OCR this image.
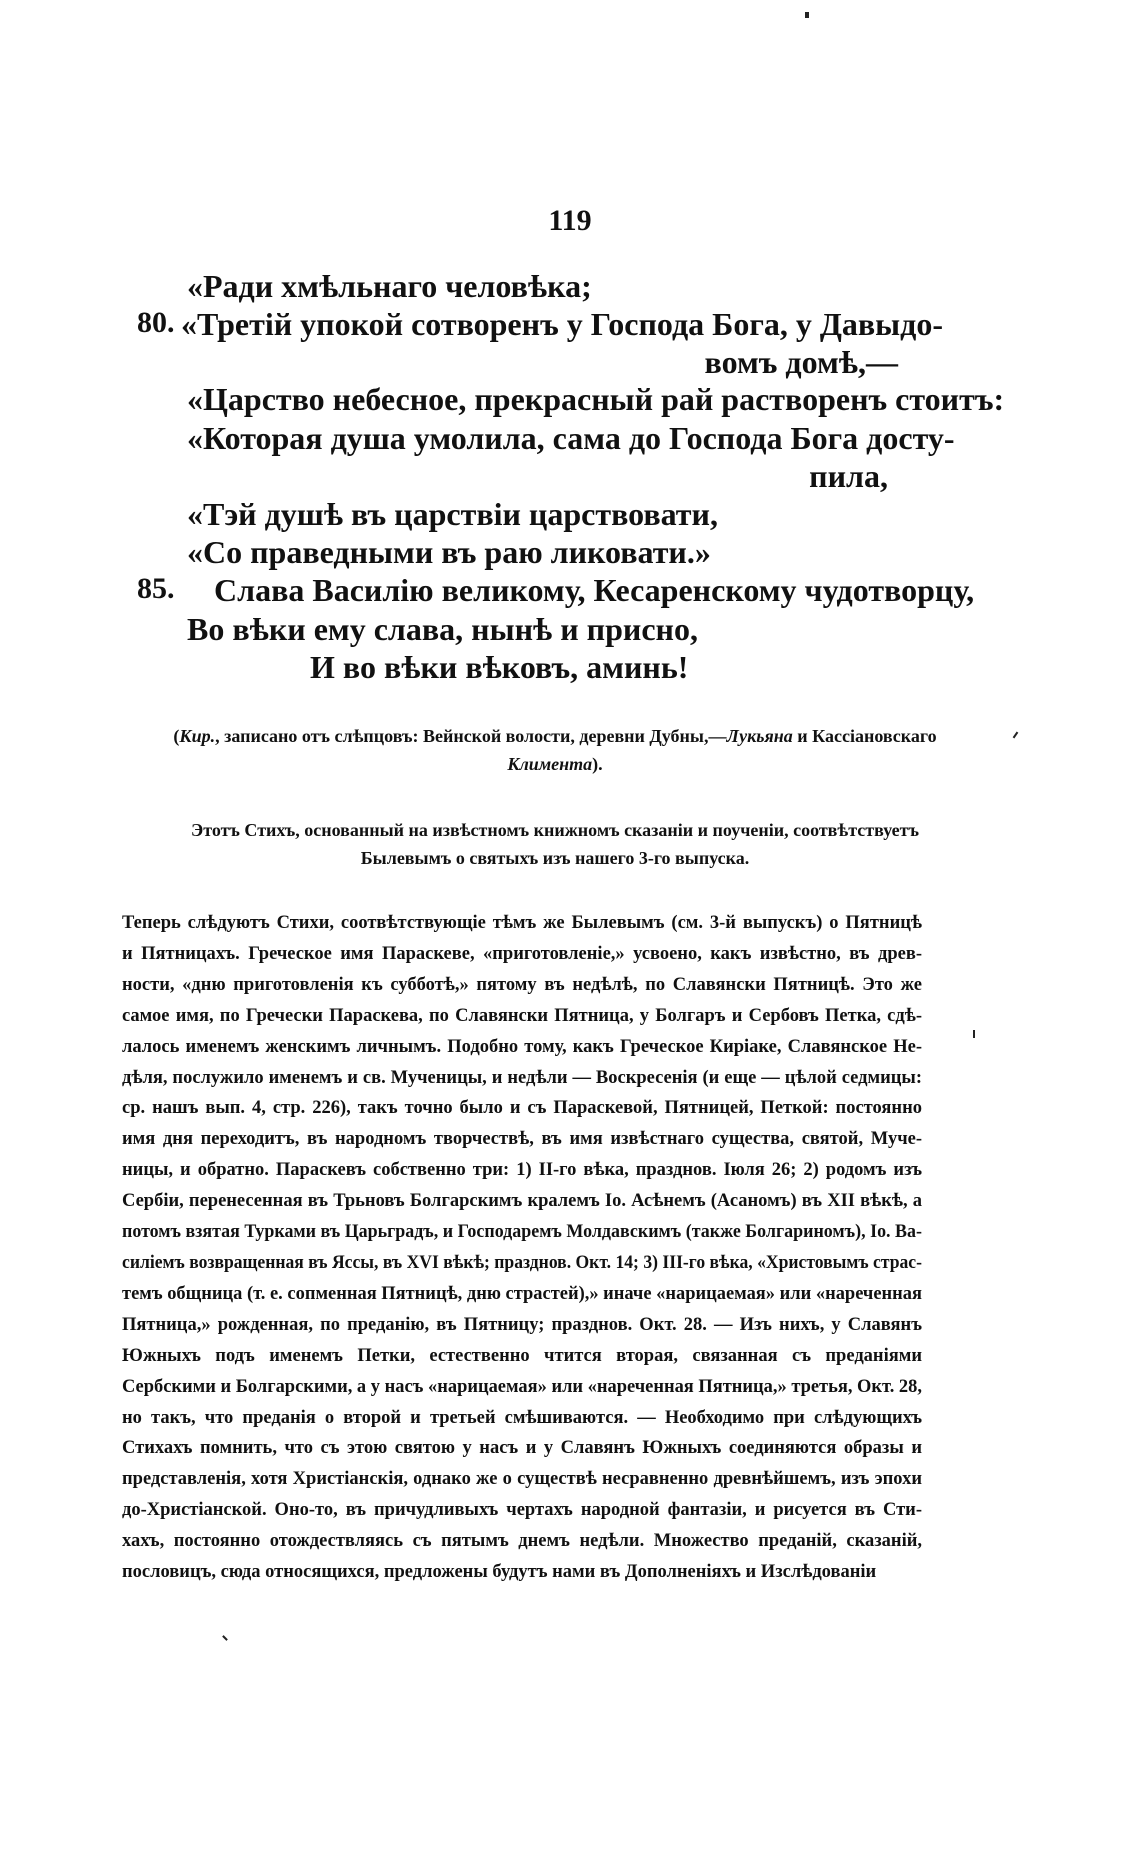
119
«Ради хмѣльнаго человѣка;
80. «Третій упокой сотворенъ у Господа Бога, у Давыдо-
вомъ домѣ,—
«Царство небесное, прекрасный рай растворенъ стоитъ:
«Которая душа умолила, сама до Господа Бога досту-
пила,
«Тэй душѣ въ царствіи царствовати,
«Со праведными въ раю ликовати.»
85. Слава Василію великому, Кесаренскому чудотворцу,
Во вѣки ему слава, нынѣ и присно,
И во вѣки вѣковъ, аминь!
(Кир., записано отъ слѣпцовъ: Вейнской волости, деревни Дубны,—Лукьяна и Кассіановскаго
Климента).
Этотъ Стихъ, основанный на извѣстномъ книжномъ сказаніи и поученіи, соотвѣтствуетъ
Былевымъ о святыхъ изъ нашего 3-го выпуска.
Теперь слѣдуютъ Стихи, соотвѣтствующіе тѣмъ же Былевымъ (см. 3-й выпускъ) о Пятницѣ
и Пятницахъ. Греческое имя Параскеве, «приготовленіе,» усвоено, какъ извѣстно, въ древ-
ности, «дню приготовленія къ субботѣ,» пятому въ недѣлѣ, по Славянски Пятницѣ. Это же
самое имя, по Гречески Параскева, по Славянски Пятница, у Болгаръ и Сербовъ Петка, сдѣ-
лалось именемъ женскимъ личнымъ. Подобно тому, какъ Греческое Киріаке, Славянское Не-
дѣля, послужило именемъ и св. Мученицы, и недѣли — Воскресенія (и еще — цѣлой седмицы:
ср. нашъ вып. 4, стр. 226), такъ точно было и съ Параскевой, Пятницей, Петкой: постоянно
имя дня переходитъ, въ народномъ творчествѣ, въ имя извѣстнаго существа, святой, Муче-
ницы, и обратно. Параскевъ собственно три: 1) II-го вѣка, празднов. Іюля 26; 2) родомъ изъ
Сербіи, перенесенная въ Трьновъ Болгарскимъ кралемъ Іо. Асѣнемъ (Асаномъ) въ XII вѣкѣ, а
потомъ взятая Турками въ Царьградъ, и Господаремъ Молдавскимъ (также Болгариномъ), Іо. Ва-
силіемъ возвращенная въ Яссы, въ XVI вѣкѣ; празднов. Окт. 14; 3) III-го вѣка, «Христовымъ страс-
темъ общница (т. е. сопменная Пятницѣ, дню страстей),» иначе «нарицаемая» или «нареченная
Пятница,» рожденная, по преданію, въ Пятницу; празднов. Окт. 28. — Изъ нихъ, у Славянъ
Южныхъ подъ именемъ Петки, естественно чтится вторая, связанная съ преданіями
Сербскими и Болгарскими, а у насъ «нарицаемая» или «нареченная Пятница,» третья, Окт. 28,
но такъ, что преданія о второй и третьей смѣшиваются. — Необходимо при слѣдующихъ
Стихахъ помнить, что съ этою святою у насъ и у Славянъ Южныхъ соединяются образы и
представленія, хотя Христіанскія, однако же о существѣ несравненно древнѣйшемъ, изъ эпохи
до-Христіанской. Оно-то, въ причудливыхъ чертахъ народной фантазіи, и рисуется въ Сти-
хахъ, постоянно отождествляясь съ пятымъ днемъ недѣли. Множество преданій, сказаній,
пословицъ, сюда относящихся, предложены будутъ нами въ Дополненіяхъ и Изслѣдованіи
